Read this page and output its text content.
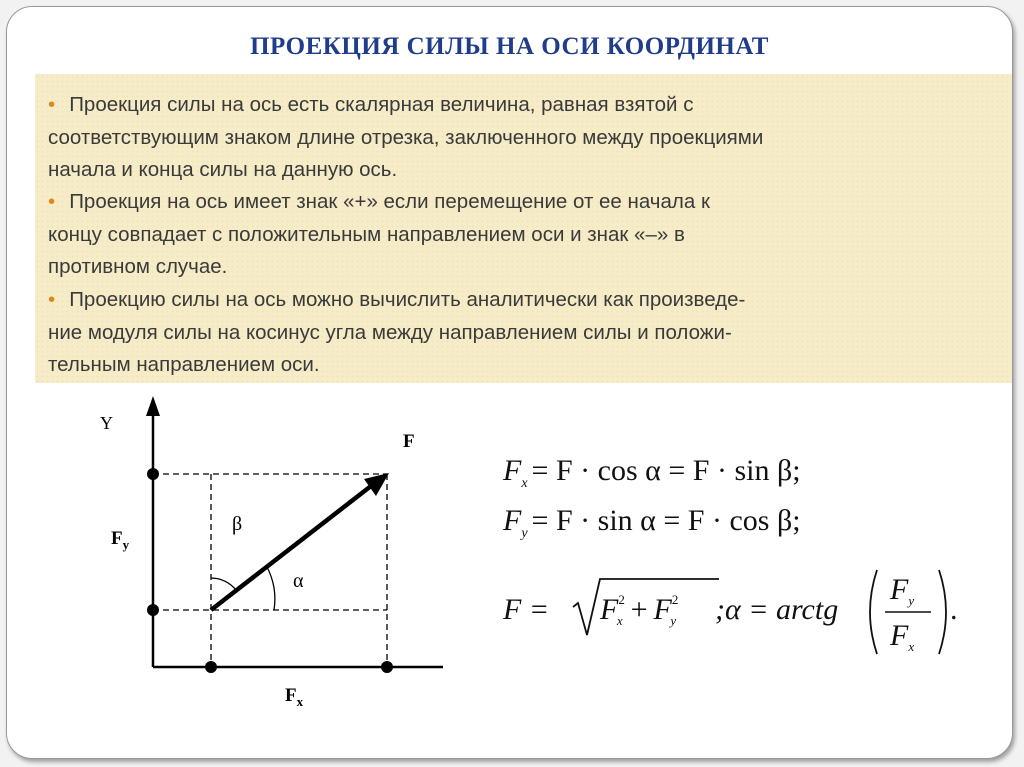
ПРОЕКЦИЯ СИЛЫ НА ОСИ КООРДИНАТ
• Проекция силы на ось есть скалярная величина, равная взятой с
соответствующим знаком длине отрезка, заключенного между проекциями
начала и конца силы на данную ось.
• Проекция на ось имеет знак «+» если перемещение от ее начала к
концу совпадает с положительным направлением оси и знак «–» в
противном случае.
• Проекцию силы на ось можно вычислить аналитически как произведе-
ние модуля силы на косинус угла между направлением силы и положи-
тельным направлением оси.
Y
F
β
α
$F_y$
$F_x$
$F_x = F \cdot \cos \alpha = F \cdot \sin \beta$;
$F_y = F \cdot \sin \alpha = F \cdot \cos \beta$;
$F = F^2$ $x + F^2$ y ;α = arctg
$F_y$
$F_x$
.
